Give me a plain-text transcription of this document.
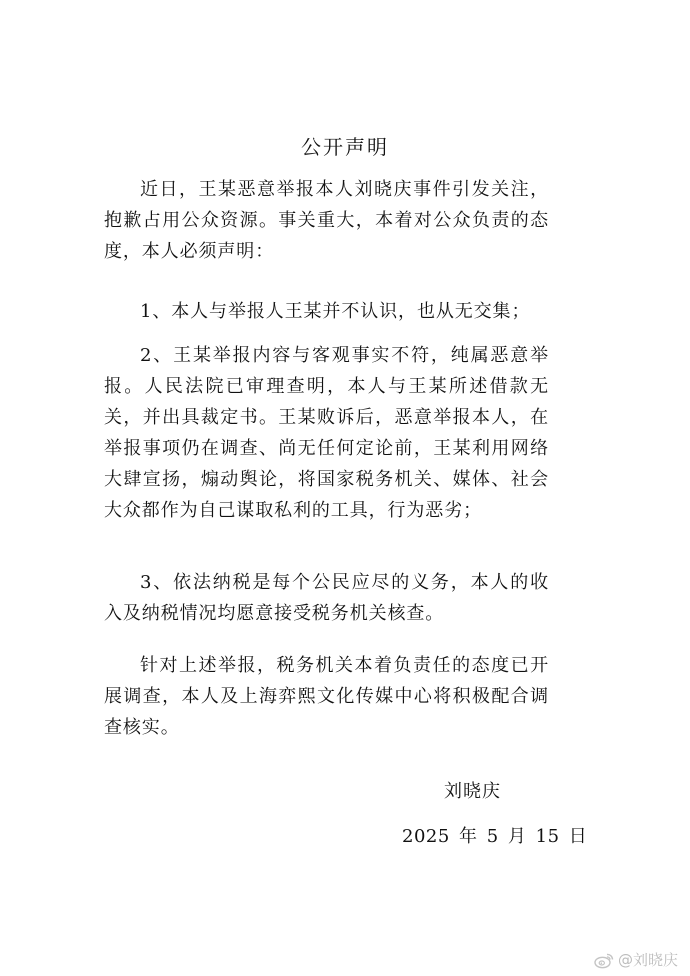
公开声明

近日，王某恶意举报本人刘晓庆事件引发关注，抱歉占用公众资源。事关重大，本着对公众负责的态度，本人必须声明：

1、本人与举报人王某并不认识，也从无交集；

2、王某举报内容与客观事实不符，纯属恶意举报。人民法院已审理查明，本人与王某所述借款无关，并出具裁定书。王某败诉后，恶意举报本人，在举报事项仍在调查、尚无任何定论前，王某利用网络大肆宣扬，煽动舆论，将国家税务机关、媒体、社会大众都作为自己谋取私利的工具，行为恶劣；

3、依法纳税是每个公民应尽的义务，本人的收入及纳税情况均愿意接受税务机关核查。

针对上述举报，税务机关本着负责任的态度已开展调查，本人及上海弈熙文化传媒中心将积极配合调查核实。

刘晓庆
2025 年 5 月 15 日
@刘晓庆
